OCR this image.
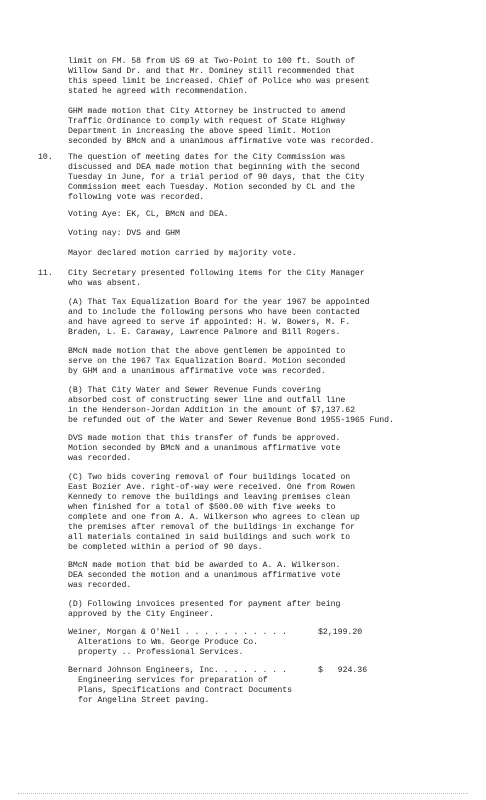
limit on FM. 58 from US 69 at Two-Point to 100 ft. South of
Willow Sand Dr. and that Mr. Dominey still recommended that
this speed limit be increased. Chief of Police who was present
stated he agreed with recommendation.
GHM made motion that City Attorney be instructed to amend
Traffic Ordinance to comply with request of State Highway
Department in increasing the above speed limit. Motion
seconded by BMcN and a unanimous affirmative vote was recorded.
10. The question of meeting dates for the City Commission was
discussed and DEA made motion that beginning with the second
Tuesday in June, for a trial period of 90 days, that the City
Commission meet each Tuesday. Motion seconded by CL and the
following vote was recorded.
Voting Aye: EK, CL, BMcN and DEA.
Voting nay: DVS and GHM
Mayor declared motion carried by majority vote.
11. City Secretary presented following items for the City Manager
who was absent.
(A) That Tax Equalization Board for the year 1967 be appointed
and to include the following persons who have been contacted
and have agreed to serve if appointed: H. W. Bowers, M. F.
Braden, L. E. Caraway, Lawrence Palmore and Bill Rogers.
BMcN made motion that the above gentlemen be appointed to
serve on the 1967 Tax Equalization Board. Motion seconded
by GHM and a unanimous affirmative vote was recorded.
(B) That City Water and Sewer Revenue Funds covering
absorbed cost of constructing sewer line and outfall line
in the Henderson-Jordan Addition in the amount of $7,137.62
be refunded out of the Water and Sewer Revenue Bond 1955-1965 Fund.
DVS made motion that this transfer of funds be approved.
Motion seconded by BMcN and a unanimous affirmative vote
was recorded.
(C) Two bids covering removal of four buildings located on
East Bozier Ave. right-of-way were received. One from Rowen
Kennedy to remove the buildings and leaving premises clean
when finished for a total of $500.00 with five weeks to
complete and one from A. A. Wilkerson who agrees to clean up
the premises after removal of the buildings in exchange for
all materials contained in said buildings and such work to
be completed within a period of 90 days.
BMcN made motion that bid be awarded to A. A. Wilkerson.
DEA seconded the motion and a unanimous affirmative vote
was recorded.
(D) Following invoices presented for payment after being
approved by the City Engineer.
Weiner, Morgan & O'Neil . . . . . . . . . . .	$2,199.20
Alterations to Wm. George Produce Co.
property .. Professional Services.
Bernard Johnson Engineers, Inc. . . . . . . .	$   924.36
Engineering services for preparation of
Plans, Specifications and Contract Documents
for Angelina Street paving.
